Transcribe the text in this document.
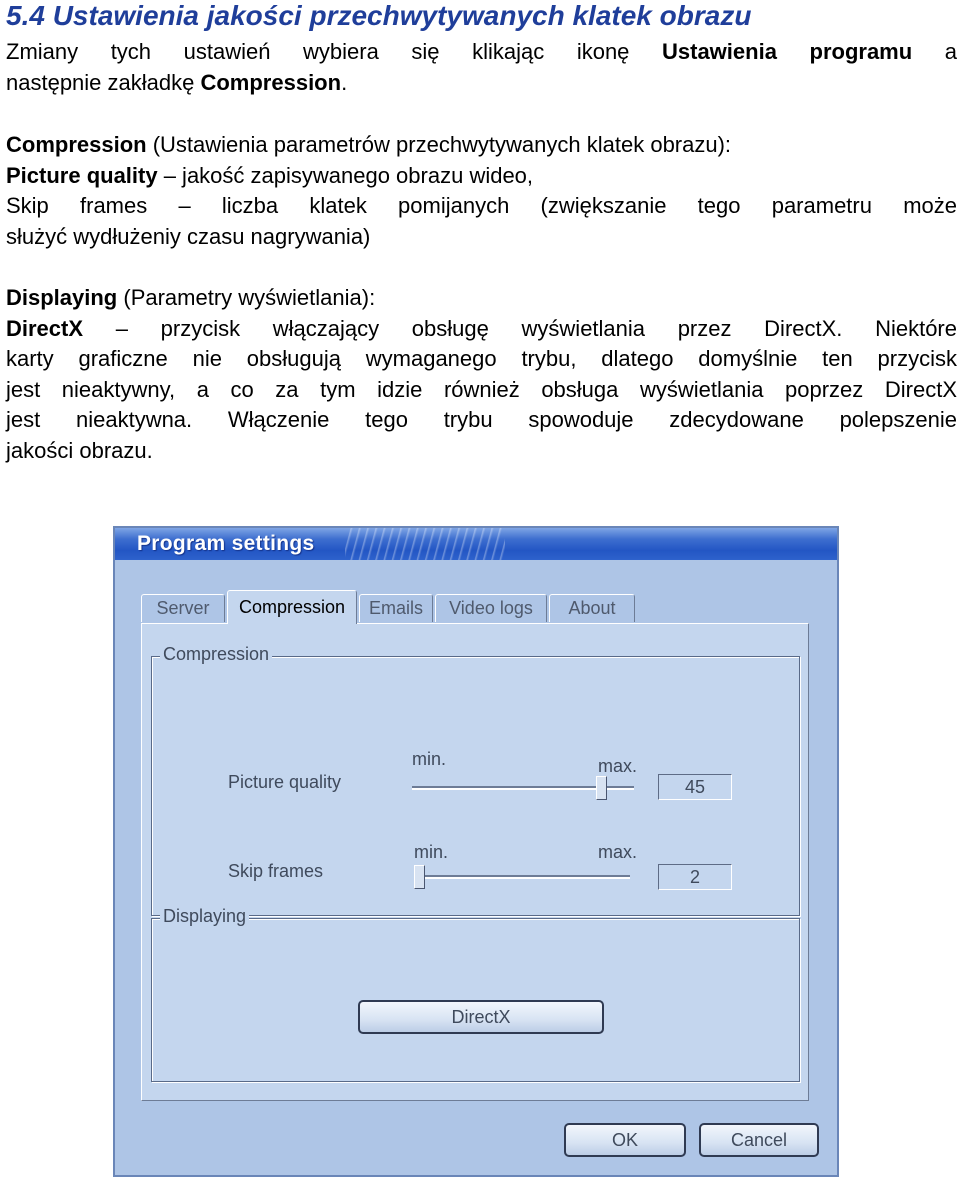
5.4 Ustawienia jakości przechwytywanych klatek obrazu

Zmiany tych ustawień wybiera się klikając ikonę Ustawienia programu a
następnie zakładkę Compression.

Compression (Ustawienia parametrów przechwytywanych klatek obrazu):
Picture quality – jakość zapisywanego obrazu wideo,
Skip frames – liczba klatek pomijanych (zwiększanie tego parametru może
służyć wydłużeniy czasu nagrywania)

Displaying (Parametry wyświetlania):
DirectX – przycisk włączający obsługę wyświetlania przez DirectX. Niektóre
karty graficzne nie obsługują wymaganego trybu, dlatego domyślnie ten przycisk
jest nieaktywny, a co za tym idzie również obsługa wyświetlania poprzez DirectX
jest nieaktywna. Włączenie tego trybu spowoduje zdecydowane polepszenie
jakości obrazu.

Program settings
Server	Compression	Emails	Video logs	About
Compression
Picture quality
min.	max.
45
Skip frames
min.	max.
2
Displaying
DirectX
OK	Cancel
